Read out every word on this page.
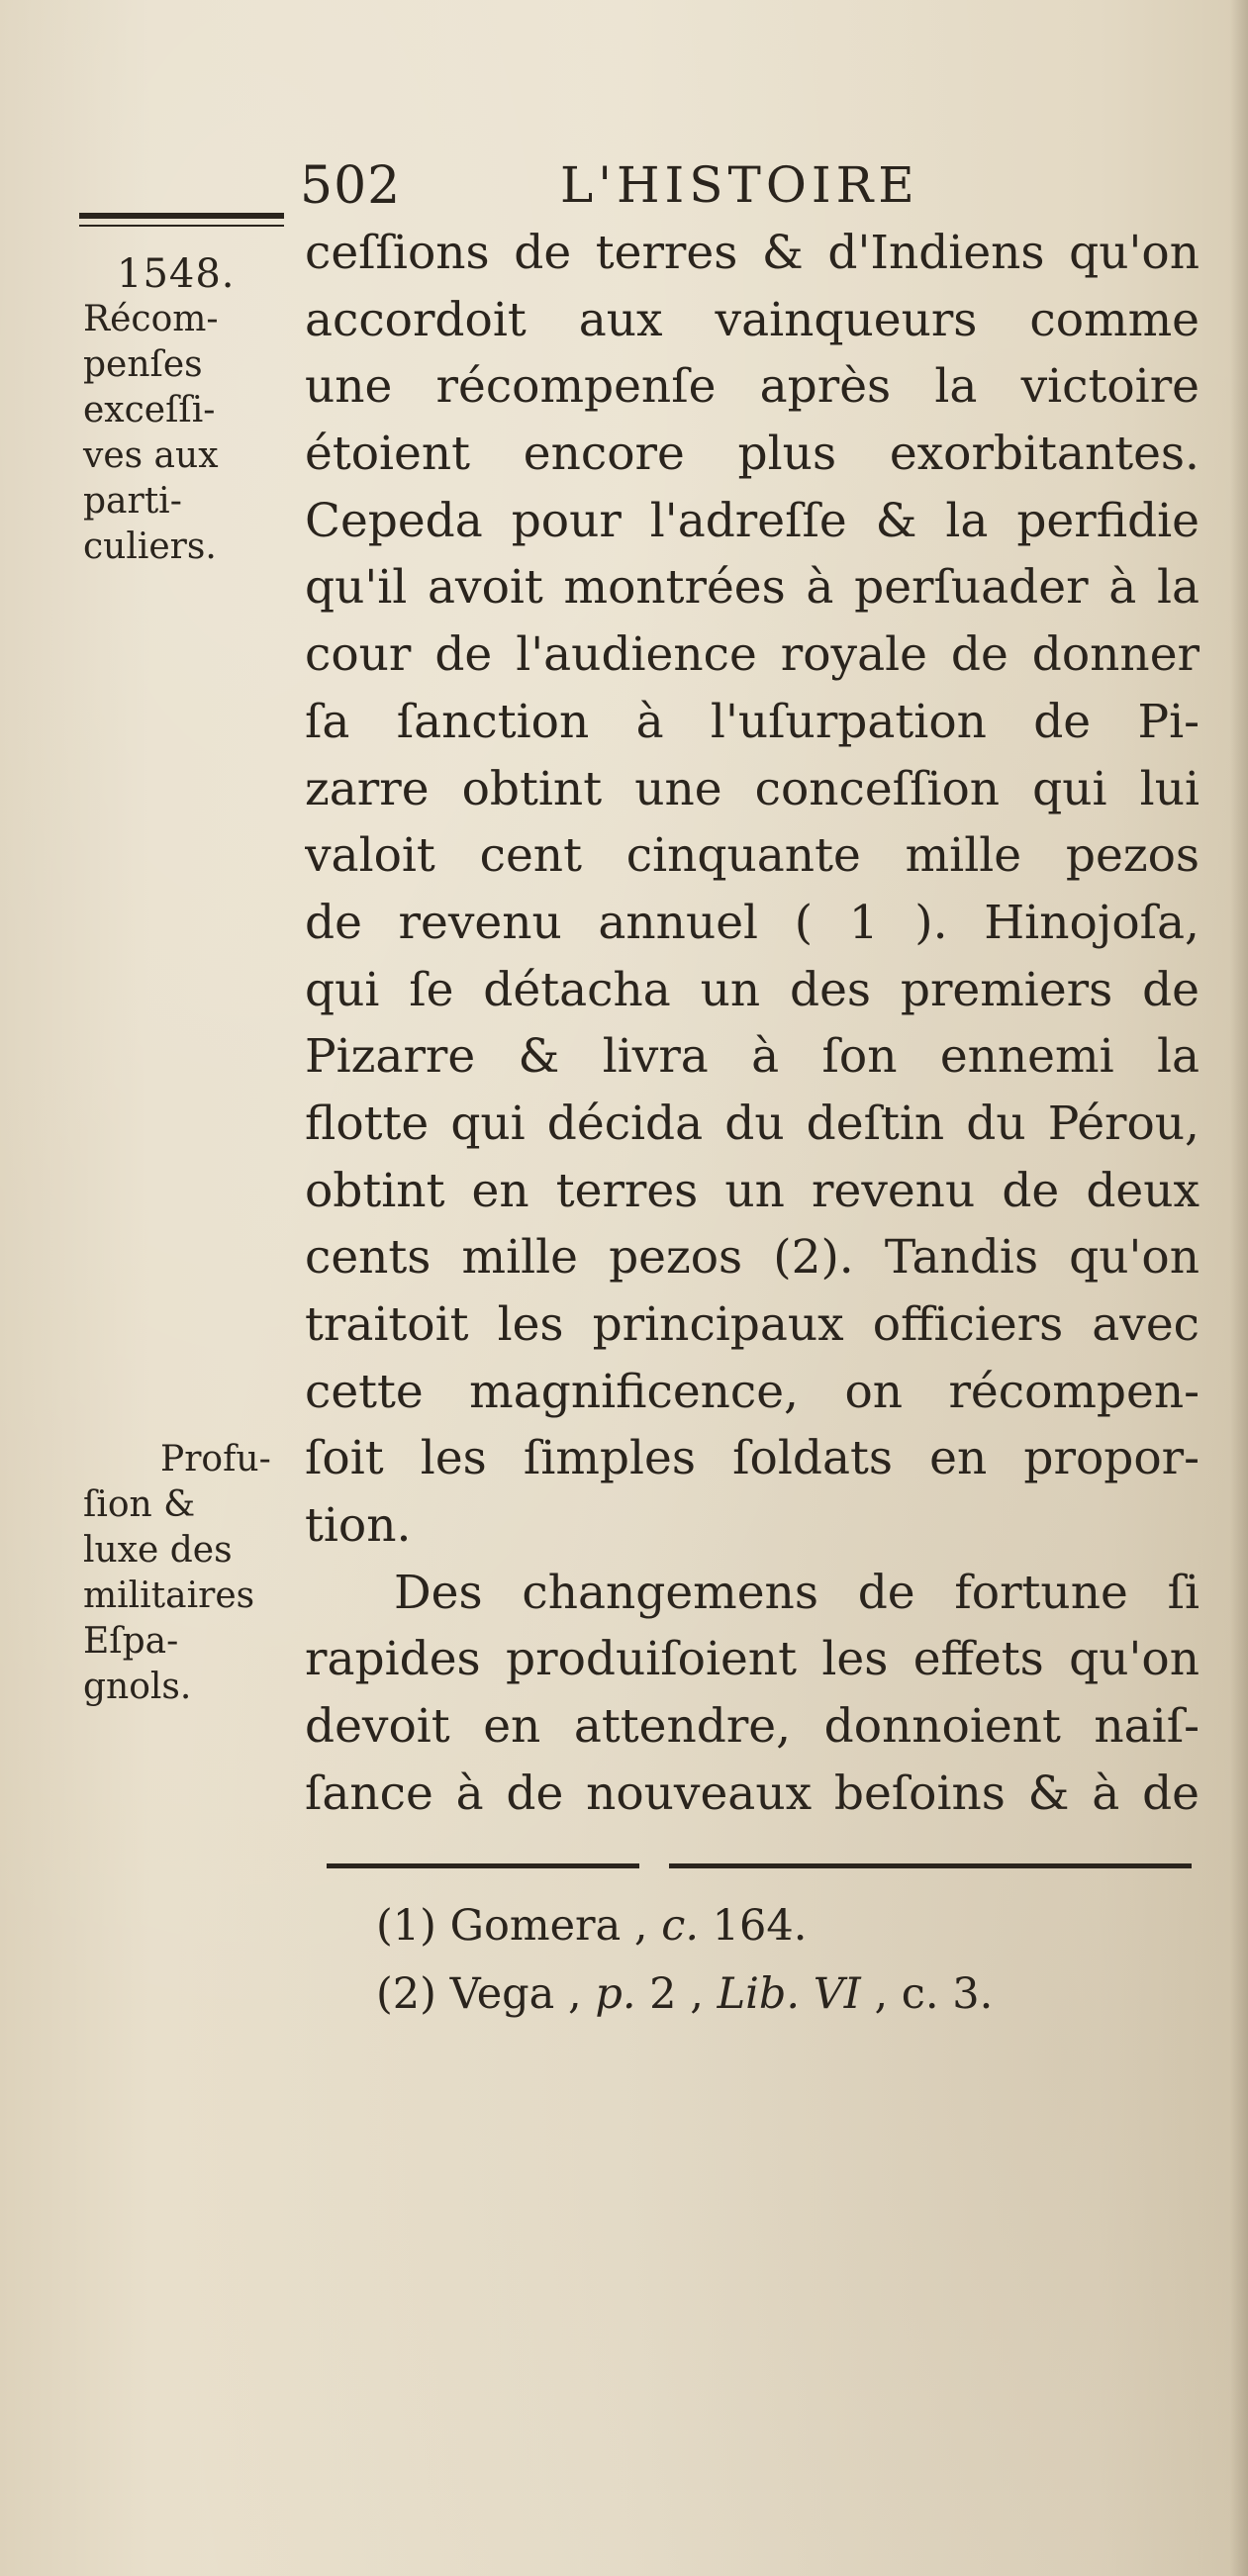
502	L'HISTOIRE
1548.
Récom-
penſes
exceſſi-
ves aux
parti-
culiers.
ceſſions de terres & d'Indiens qu'on
accordoit aux vainqueurs comme
une récompenſe après la victoire
étoient encore plus exorbitantes.
Cepeda pour l'adreſſe & la perfidie
qu'il avoit montrées à perſuader à la
cour de l'audience royale de donner
ſa ſanction à l'uſurpation de Pi-
zarre obtint une conceſſion qui lui
valoit cent cinquante mille pezos
de revenu annuel ( 1 ). Hinojoſa,
qui ſe détacha un des premiers de
Pizarre & livra à ſon ennemi la
flotte qui décida du deſtin du Pérou,
obtint en terres un revenu de deux
cents mille pezos (2). Tandis qu'on
traitoit les principaux officiers avec
cette magnificence, on récompen-
ſoit les ſimples ſoldats en propor-
tion.
Des changemens de fortune ſi
rapides produiſoient les effets qu'on
devoit en attendre, donnoient naiſ-
ſance à de nouveaux beſoins & à de
Profu-
ſion &
luxe des
militaires
Eſpa-
gnols.
(1) Gomera , c. 164.
(2) Vega , p. 2 , Lib. VI , c. 3.
